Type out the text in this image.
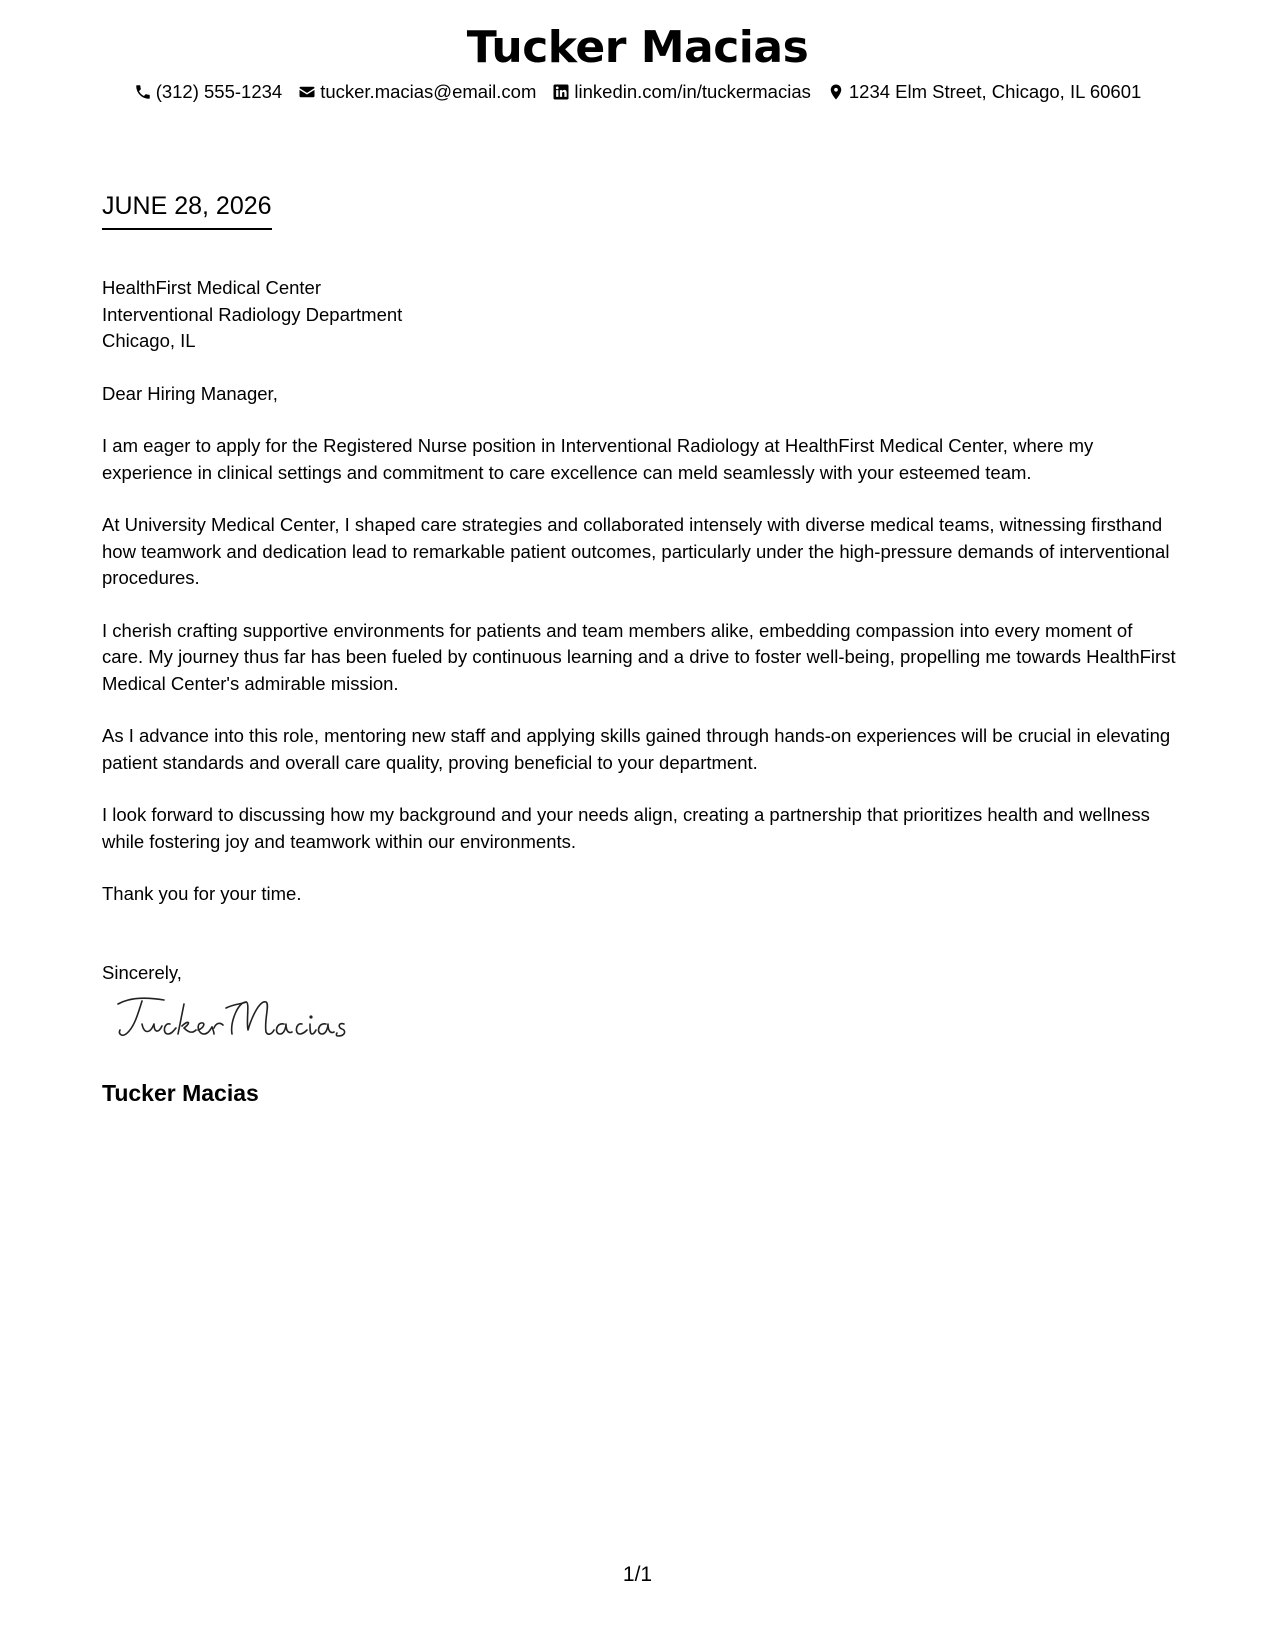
Tucker Macias
(312) 555-1234 tucker.macias@email.com linkedin.com/in/tuckermacias 1234 Elm Street, Chicago, IL 60601
JUNE 28, 2026

HealthFirst Medical Center
Interventional Radiology Department
Chicago, IL

Dear Hiring Manager,

I am eager to apply for the Registered Nurse position in Interventional Radiology at HealthFirst Medical Center, where my experience in clinical settings and commitment to care excellence can meld seamlessly with your esteemed team.

At University Medical Center, I shaped care strategies and collaborated intensely with diverse medical teams, witnessing firsthand how teamwork and dedication lead to remarkable patient outcomes, particularly under the high-pressure demands of interventional procedures.

I cherish crafting supportive environments for patients and team members alike, embedding compassion into every moment of care. My journey thus far has been fueled by continuous learning and a drive to foster well-being, propelling me towards HealthFirst Medical Center's admirable mission.

As I advance into this role, mentoring new staff and applying skills gained through hands-on experiences will be crucial in elevating patient standards and overall care quality, proving beneficial to your department.

I look forward to discussing how my background and your needs align, creating a partnership that prioritizes health and wellness while fostering joy and teamwork within our environments.

Thank you for your time.

Sincerely,

Tucker Macias
1/1
